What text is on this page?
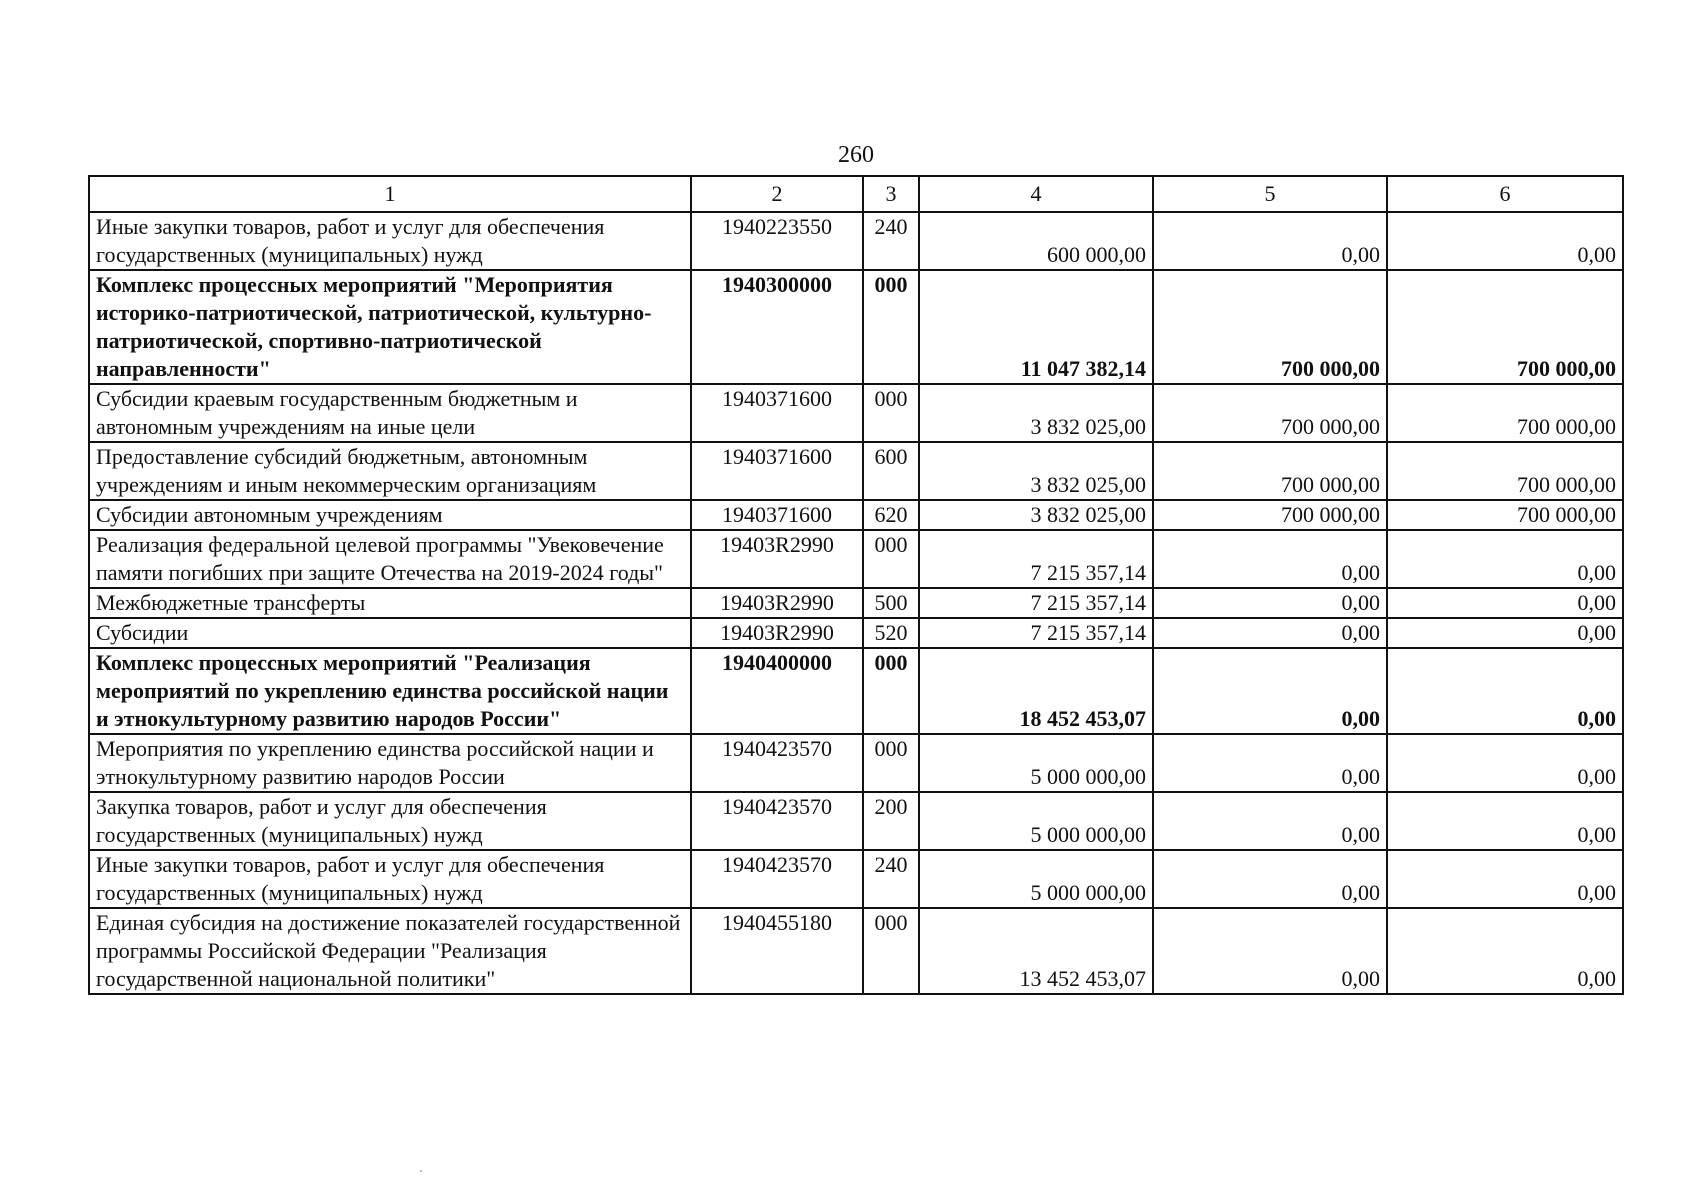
260
1	2	3	4	5	6
Иные закупки товаров, работ и услуг для обеспечения государственных (муниципальных) нужд	1940223550	240	600 000,00	0,00	0,00
Комплекс процессных мероприятий "Мероприятия историко-патриотической, патриотической, культурно-патриотической, спортивно-патриотической направленности"	1940300000	000	11 047 382,14	700 000,00	700 000,00
Субсидии краевым государственным бюджетным и автономным учреждениям на иные цели	1940371600	000	3 832 025,00	700 000,00	700 000,00
Предоставление субсидий бюджетным, автономным учреждениям и иным некоммерческим организациям	1940371600	600	3 832 025,00	700 000,00	700 000,00
Субсидии автономным учреждениям	1940371600	620	3 832 025,00	700 000,00	700 000,00
Реализация федеральной целевой программы "Увековечение памяти погибших при защите Отечества на 2019-2024 годы"	19403R2990	000	7 215 357,14	0,00	0,00
Межбюджетные трансферты	19403R2990	500	7 215 357,14	0,00	0,00
Субсидии	19403R2990	520	7 215 357,14	0,00	0,00
Комплекс процессных мероприятий "Реализация мероприятий по укреплению единства российской нации и этнокультурному развитию народов России"	1940400000	000	18 452 453,07	0,00	0,00
Мероприятия по укреплению единства российской нации и этнокультурному развитию народов России	1940423570	000	5 000 000,00	0,00	0,00
Закупка товаров, работ и услуг для обеспечения государственных (муниципальных) нужд	1940423570	200	5 000 000,00	0,00	0,00
Иные закупки товаров, работ и услуг для обеспечения государственных (муниципальных) нужд	1940423570	240	5 000 000,00	0,00	0,00
Единая субсидия на достижение показателей государственной программы Российской Федерации "Реализация государственной национальной политики"	1940455180	000	13 452 453,07	0,00	0,00
